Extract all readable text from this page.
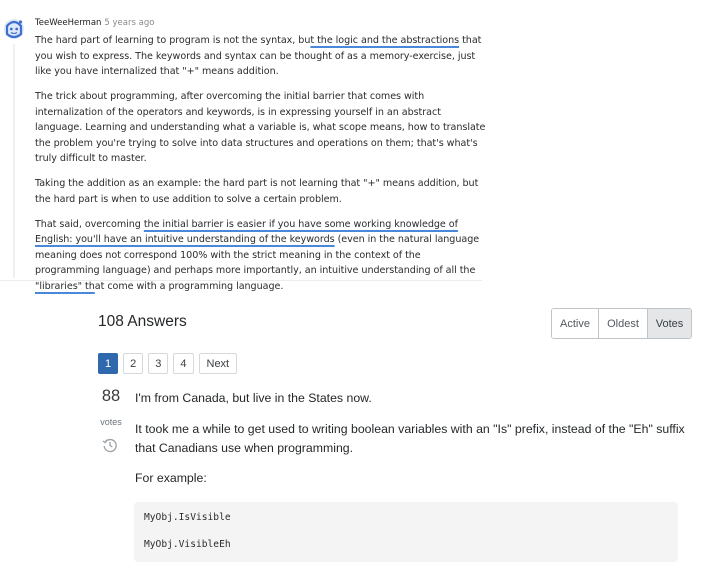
TeeWeeHerman 5 years ago

The hard part of learning to program is not the syntax, but the logic and the abstractions that you wish to express. The keywords and syntax can be thought of as a memory-exercise, just like you have internalized that "+" means addition.

The trick about programming, after overcoming the initial barrier that comes with internalization of the operators and keywords, is in expressing yourself in an abstract language. Learning and understanding what a variable is, what scope means, how to translate the problem you're trying to solve into data structures and operations on them; that's what's truly difficult to master.

Taking the addition as an example: the hard part is not learning that "+" means addition, but the hard part is when to use addition to solve a certain problem.

That said, overcoming the initial barrier is easier if you have some working knowledge of English: you'll have an intuitive understanding of the keywords (even in the natural language meaning does not correspond 100% with the strict meaning in the context of the programming language) and perhaps more importantly, an intuitive understanding of all the "libraries" that come with a programming language.

108 Answers	Active Oldest Votes
1	2	3	4	Next
88
votes

I'm from Canada, but live in the States now.

It took me a while to get used to writing boolean variables with an "Is" prefix, instead of the "Eh" suffix that Canadians use when programming.

For example:

MyObj.IsVisible
MyObj.VisibleEh
